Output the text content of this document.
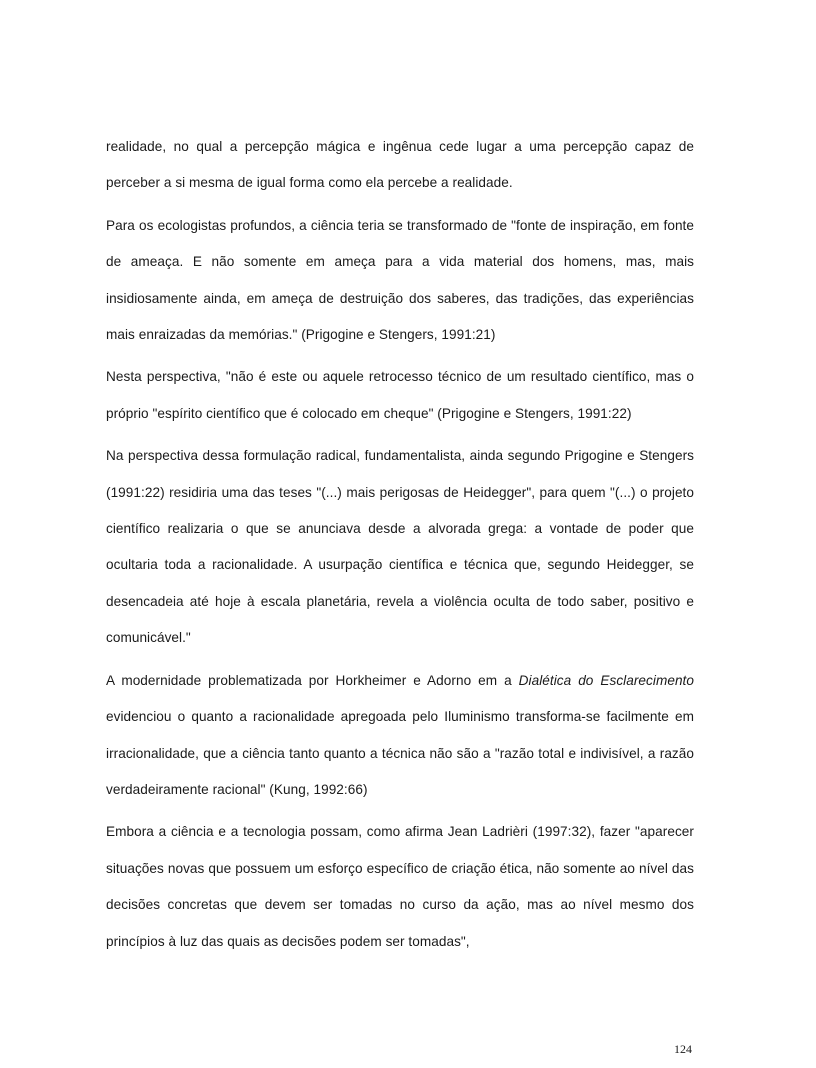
realidade, no qual a percepção mágica e ingênua cede lugar a uma percepção capaz de perceber a si mesma de igual forma como ela percebe a realidade.

Para os ecologistas profundos, a ciência teria se transformado de "fonte de inspiração, em fonte de ameaça. E não somente em ameça para a vida material dos homens, mas, mais insidiosamente ainda, em ameça de destruição dos saberes, das tradições, das experiências mais enraizadas da memórias." (Prigogine e Stengers, 1991:21)

Nesta perspectiva, "não é este ou aquele retrocesso técnico de um resultado científico, mas o próprio "espírito científico que é colocado em cheque" (Prigogine e Stengers, 1991:22)

Na perspectiva dessa formulação radical, fundamentalista, ainda segundo Prigogine e Stengers (1991:22) residiria uma das teses "(...) mais perigosas de Heidegger", para quem "(...) o projeto científico realizaria o que se anunciava desde a alvorada grega: a vontade de poder que ocultaria toda a racionalidade. A usurpação científica e técnica que, segundo Heidegger, se desencadeia até hoje à escala planetária, revela a violência oculta de todo saber, positivo e comunicável."

A modernidade problematizada por Horkheimer e Adorno em a Dialética do Esclarecimento evidenciou o quanto a racionalidade apregoada pelo Iluminismo transforma-se facilmente em irracionalidade, que a ciência tanto quanto a técnica não são a "razão total e indivisível, a razão verdadeiramente racional" (Kung, 1992:66)

Embora a ciência e a tecnologia possam, como afirma Jean Ladrièri (1997:32), fazer "aparecer situações novas que possuem um esforço específico de criação ética, não somente ao nível das decisões concretas que devem ser tomadas no curso da ação, mas ao nível mesmo dos princípios à luz das quais as decisões podem ser tomadas",

124
